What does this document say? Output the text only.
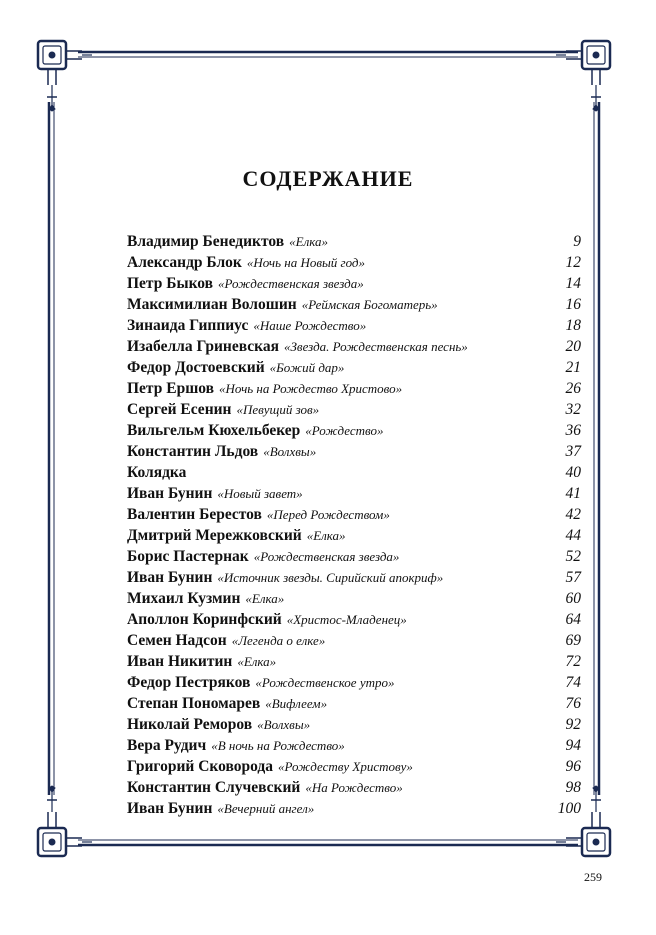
СОДЕРЖАНИЕ
Владимир Бенедиктов «Елка»	9
Александр Блок «Ночь на Новый год»	12
Петр Быков «Рождественская звезда»	14
Максимилиан Волошин «Реймская Богоматерь»	16
Зинаида Гиппиус «Наше Рождество»	18
Изабелла Гриневская «Звезда. Рождественская песнь»	20
Федор Достоевский «Божий дар»	21
Петр Ершов «Ночь на Рождество Христово»	26
Сергей Есенин «Певущий зов»	32
Вильгельм Кюхельбекер «Рождество»	36
Константин Льдов «Волхвы»	37
Колядка	40
Иван Бунин «Новый завет»	41
Валентин Берестов «Перед Рождеством»	42
Дмитрий Мережковский «Елка»	44
Борис Пастернак «Рождественская звезда»	52
Иван Бунин «Источник звезды. Сирийский апокриф»	57
Михаил Кузмин «Елка»	60
Аполлон Коринфский «Христос-Младенец»	64
Семен Надсон «Легенда о елке»	69
Иван Никитин «Елка»	72
Федор Пестряков «Рождественское утро»	74
Степан Пономарев «Вифлеем»	76
Николай Реморов «Волхвы»	92
Вера Рудич «В ночь на Рождество»	94
Григорий Сковорода «Рождеству Христову»	96
Константин Случевский «На Рождество»	98
Иван Бунин «Вечерний ангел»	100
259
